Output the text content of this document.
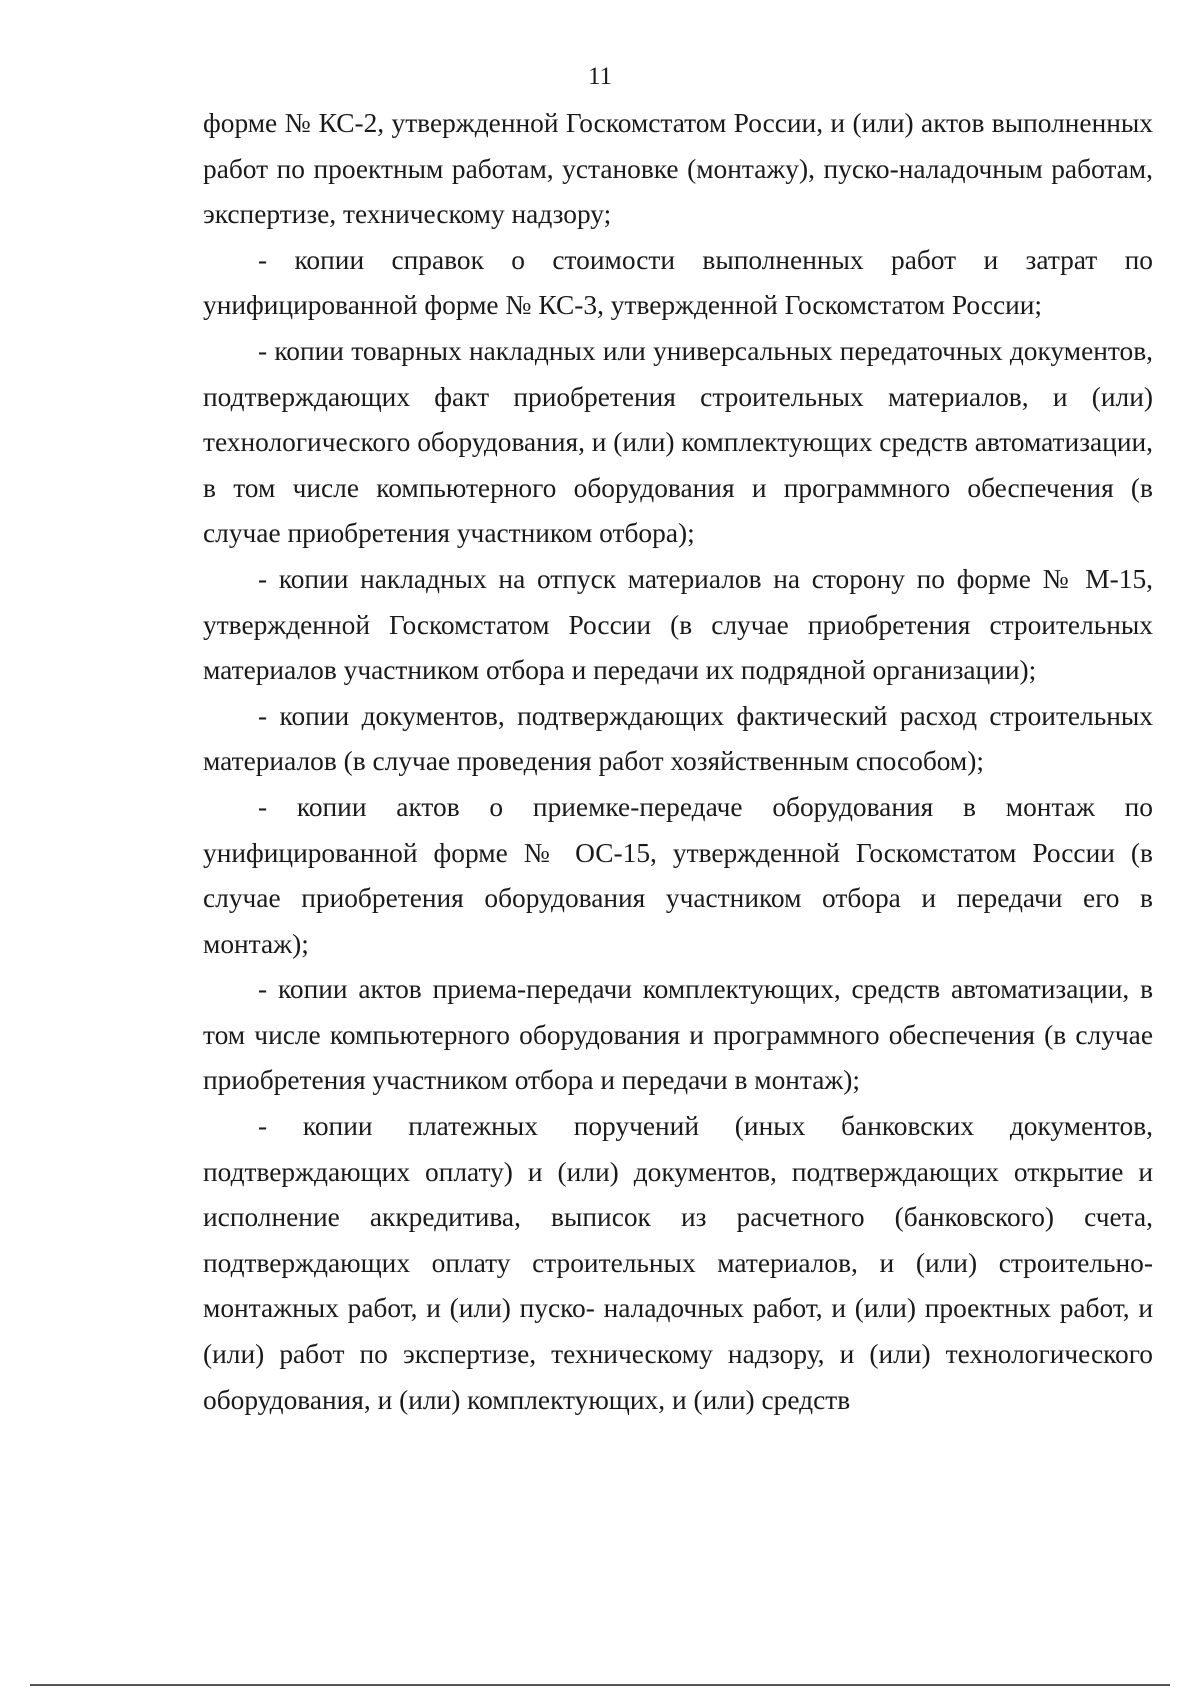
11

форме № КС-2, утвержденной Госкомстатом России, и (или) актов выполненных работ по проектным работам, установке (монтажу), пуско-наладочным работам, экспертизе, техническому надзору;

- копии справок о стоимости выполненных работ и затрат по унифицированной форме № КС-3, утвержденной Госкомстатом России;

- копии товарных накладных или универсальных передаточных документов, подтверждающих факт приобретения строительных материалов, и (или) технологического оборудования, и (или) комплектующих средств автоматизации, в том числе компьютерного оборудования и программного обеспечения (в случае приобретения участником отбора);

- копии накладных на отпуск материалов на сторону по форме № М-15, утвержденной Госкомстатом России (в случае приобретения строительных материалов участником отбора и передачи их подрядной организации);

- копии документов, подтверждающих фактический расход строительных материалов (в случае проведения работ хозяйственным способом);

- копии актов о приемке-передаче оборудования в монтаж по унифицированной форме № ОС-15, утвержденной Госкомстатом России (в случае приобретения оборудования участником отбора и передачи его в монтаж);

- копии актов приема-передачи комплектующих, средств автоматизации, в том числе компьютерного оборудования и программного обеспечения (в случае приобретения участником отбора и передачи в монтаж);

- копии платежных поручений (иных банковских документов, подтверждающих оплату) и (или) документов, подтверждающих открытие и исполнение аккредитива, выписок из расчетного (банковского) счета, подтверждающих оплату строительных материалов, и (или) строительно-монтажных работ, и (или) пуско- наладочных работ, и (или) проектных работ, и (или) работ по экспертизе, техническому надзору, и (или) технологического оборудования, и (или) комплектующих, и (или) средств
